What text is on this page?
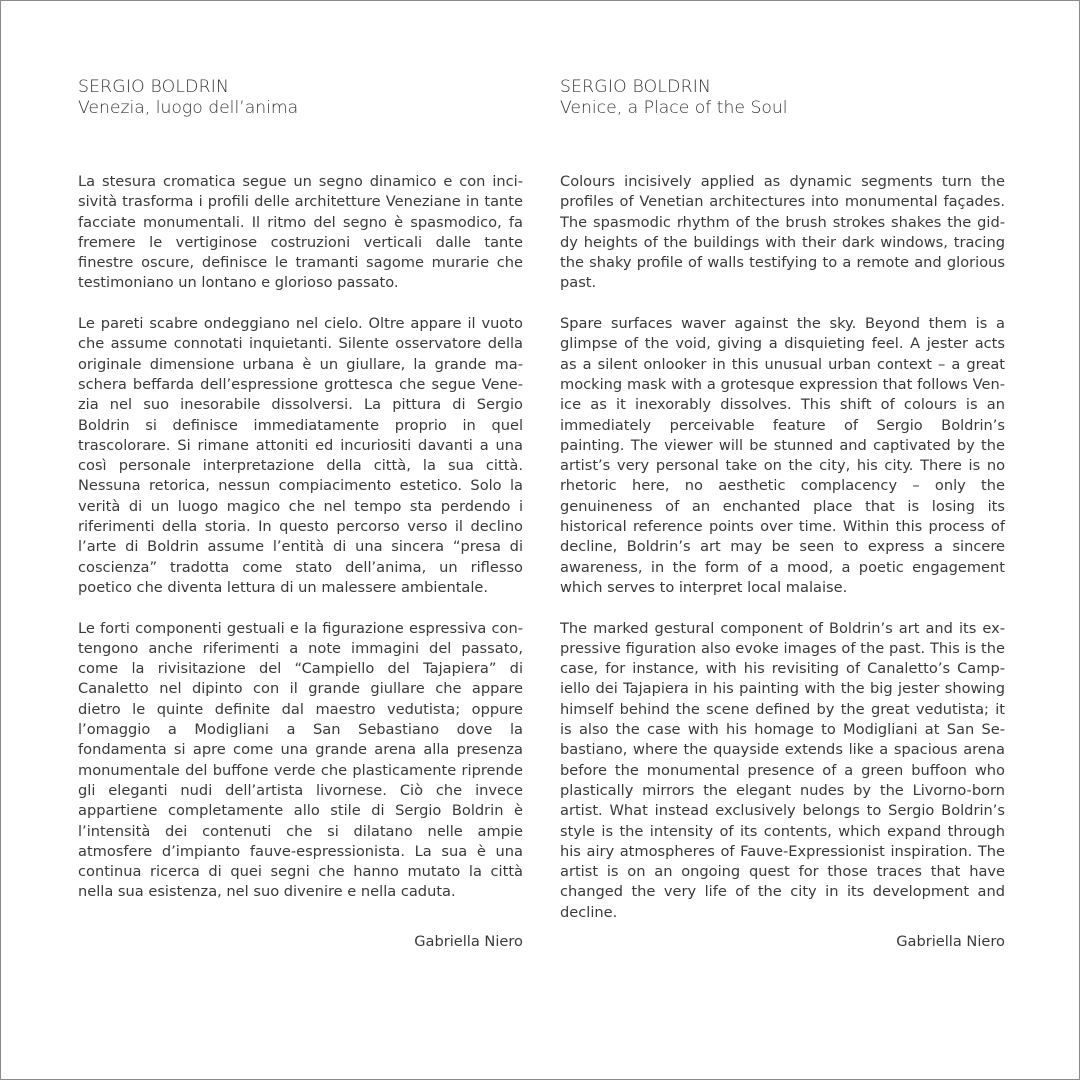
SERGIO BOLDRIN

Venezia, luogo dell’anima

La stesura cromatica segue un segno dinamico e con incisività trasforma i profili delle architetture Veneziane in tante facciate monumentali. Il ritmo del segno è spasmodico, fa fremere le vertiginose costruzioni verticali dalle tante finestre oscure, definisce le tramanti sagome murarie che testimoniano un lontano e glorioso passato.

Le pareti scabre ondeggiano nel cielo. Oltre appare il vuoto che assume connotati inquietanti. Silente osservatore della originale dimensione urbana è un giullare, la grande maschera beffarda dell’espressione grottesca che segue Venezia nel suo inesorabile dissolversi. La pittura di Sergio Boldrin si definisce immediatamente proprio in quel trascolorare. Si rimane attoniti ed incuriositi davanti a una così personale interpretazione della città, la sua città. Nessuna retorica, nessun compiacimento estetico. Solo la verità di un luogo magico che nel tempo sta perdendo i riferimenti della storia. In questo percorso verso il declino l’arte di Boldrin assume l’entità di una sincera “presa di coscienza” tradotta come stato dell’anima, un riflesso poetico che diventa lettura di un malessere ambientale.

Le forti componenti gestuali e la figurazione espressiva contengono anche riferimenti a note immagini del passato, come la rivisitazione del “Campiello del Tajapiera” di Canaletto nel dipinto con il grande giullare che appare dietro le quinte definite dal maestro vedutista; oppure l’omaggio a Modigliani a San Sebastiano dove la fondamenta si apre come una grande arena alla presenza monumentale del buffone verde che plasticamente riprende gli eleganti nudi dell’artista livornese. Ciò che invece appartiene completamente allo stile di Sergio Boldrin è l’intensità dei contenuti che si dilatano nelle ampie atmosfere d’impianto fauve-espressionista. La sua è una continua ricerca di quei segni che hanno mutato la città nella sua esistenza, nel suo divenire e nella caduta.

Gabriella Niero

SERGIO BOLDRIN

Venice, a Place of the Soul

Colours incisively applied as dynamic segments turn the profiles of Venetian architectures into monumental façades. The spasmodic rhythm of the brush strokes shakes the giddy heights of the buildings with their dark windows, tracing the shaky profile of walls testifying to a remote and glorious past.

Spare surfaces waver against the sky. Beyond them is a glimpse of the void, giving a disquieting feel. A jester acts as a silent onlooker in this unusual urban context – a great mocking mask with a grotesque expression that follows Venice as it inexorably dissolves. This shift of colours is an immediately perceivable feature of Sergio Boldrin’s painting. The viewer will be stunned and captivated by the artist’s very personal take on the city, his city. There is no rhetoric here, no aesthetic complacency – only the genuineness of an enchanted place that is losing its historical reference points over time. Within this process of decline, Boldrin’s art may be seen to express a sincere awareness, in the form of a mood, a poetic engagement which serves to interpret local malaise.

The marked gestural component of Boldrin’s art and its expressive figuration also evoke images of the past. This is the case, for instance, with his revisiting of Canaletto’s Campiello dei Tajapiera in his painting with the big jester showing himself behind the scene defined by the great vedutista; it is also the case with his homage to Modigliani at San Sebastiano, where the quayside extends like a spacious arena before the monumental presence of a green buffoon who plastically mirrors the elegant nudes by the Livorno-born artist. What instead exclusively belongs to Sergio Boldrin’s style is the intensity of its contents, which expand through his airy atmospheres of Fauve-Expressionist inspiration. The artist is on an ongoing quest for those traces that have changed the very life of the city in its development and decline.

Gabriella Niero
